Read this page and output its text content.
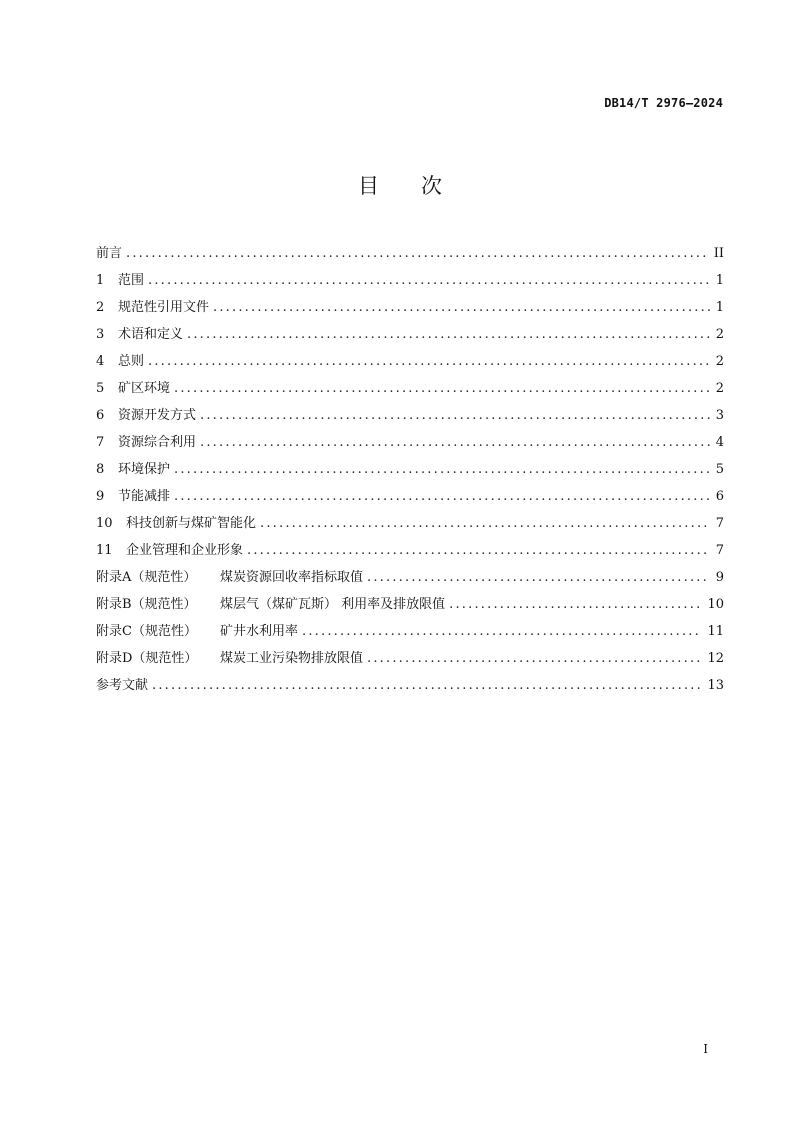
DB14/T 2976—2024
目 次
前言 .....	II
1	范围 .....	1
2	规范性引用文件 .....	1
3	术语和定义 .....	2
4	总则 .....	2
5	矿区环境 .....	2
6	资源开发方式 .....	3
7	资源综合利用 .....	4
8	环境保护 .....	5
9	节能减排 .....	6
10	科技创新与煤矿智能化 .....	7
11	企业管理和企业形象 .....	7
附录A（规范性）	煤炭资源回收率指标取值 .....	9
附录B（规范性）	煤层气（煤矿瓦斯） 利用率及排放限值 .....	10
附录C（规范性）	矿井水利用率 .....	11
附录D（规范性）	煤炭工业污染物排放限值 .....	12
参考文献 .....	13
I
